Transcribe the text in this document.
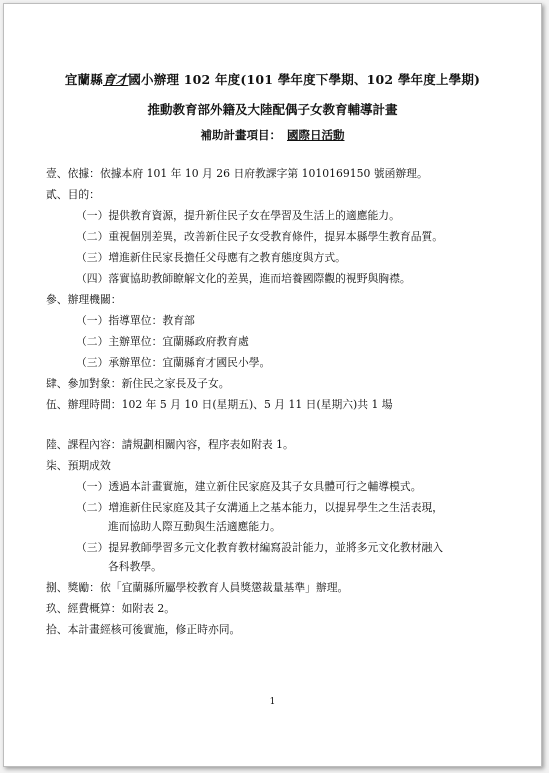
宜蘭縣育才國小辦理 102 年度(101 學年度下學期、102 學年度上學期)
推動教育部外籍及大陸配偶子女教育輔導計畫
補助計畫項目： 國際日活動
壹、依據：依據本府 101 年 10 月 26 日府教課字第 1010169150 號函辦理。
貳、目的：
（一）提供教育資源，提升新住民子女在學習及生活上的適應能力。
（二）重視個別差異，改善新住民子女受教育條件，提昇本縣學生教育品質。
（三）增進新住民家長擔任父母應有之教育態度與方式。
（四）落實協助教師瞭解文化的差異，進而培養國際觀的視野與胸襟。
參、辦理機關：
（一）指導單位：教育部
（二）主辦單位：宜蘭縣政府教育處
（三）承辦單位：宜蘭縣育才國民小學。
肆、參加對象：新住民之家長及子女。
伍、辦理時間：102 年 5 月 10 日(星期五)、5 月 11 日(星期六)共 1 場
陸、課程內容：請規劃相關內容，程序表如附表 1。
柒、預期成效
（一）透過本計畫實施，建立新住民家庭及其子女具體可行之輔導模式。
（二）增進新住民家庭及其子女溝通上之基本能力，以提昇學生之生活表現，
進而協助人際互動與生活適應能力。
（三）提昇教師學習多元文化教育教材編寫設計能力，並將多元文化教材融入
各科教學。
捌、獎勵：依「宜蘭縣所屬學校教育人員獎懲裁量基準」辦理。
玖、經費概算：如附表 2。
拾、本計畫經核可後實施，修正時亦同。
1
